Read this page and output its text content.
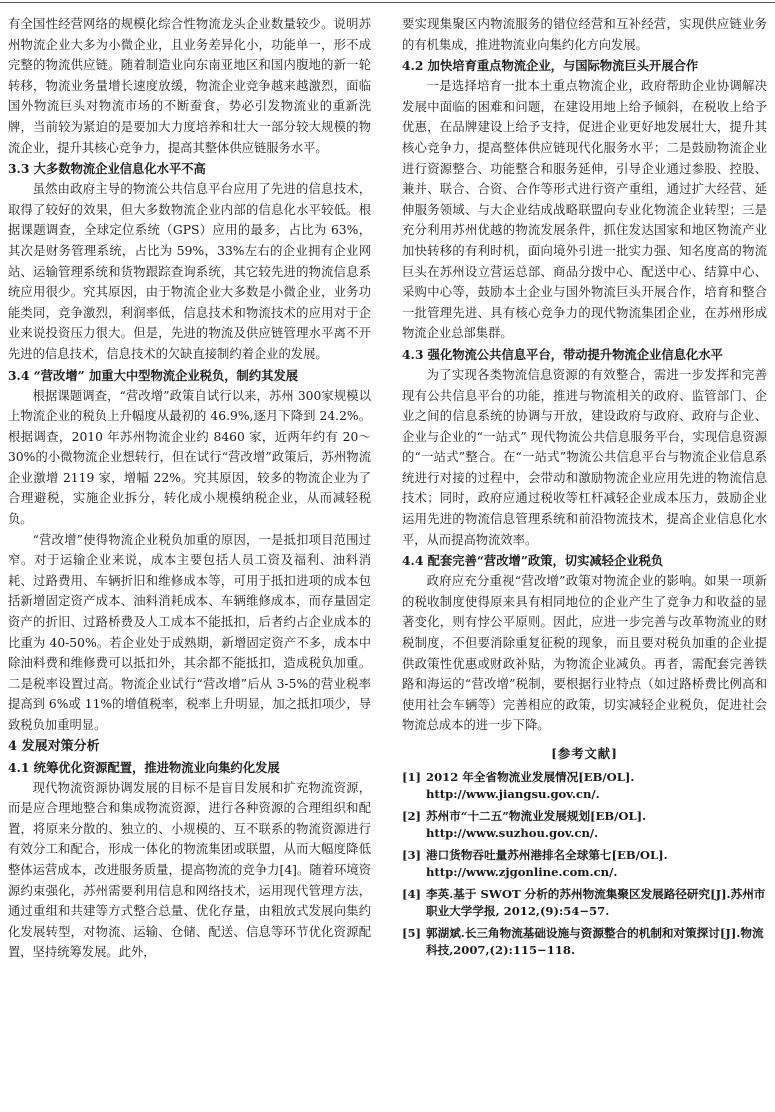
有全国性经营网络的规模化综合性物流龙头企业数量较少。说明苏州物流企业大多为小微企业，且业务差异化小，功能单一，形不成完整的物流供应链。随着制造业向东南亚地区和国内腹地的新一轮转移，物流业务量增长速度放缓，物流企业竞争越来越激烈，面临国外物流巨头对物流市场的不断蚕食，势必引发物流业的重新洗牌，当前较为紧迫的是要加大力度培养和壮大一部分较大规模的物流企业，提升其核心竞争力，提高其整体供应链服务水平。

3.3 大多数物流企业信息化水平不高

虽然由政府主导的物流公共信息平台应用了先进的信息技术，取得了较好的效果，但大多数物流企业内部的信息化水平较低。根据课题调查，全球定位系统（GPS）应用的最多，占比为 63%，其次是财务管理系统，占比为 59%，33%左右的企业拥有企业网站、运输管理系统和货物跟踪查询系统，其它较先进的物流信息系统应用很少。究其原因，由于物流企业大多数是小微企业，业务功能类同，竞争激烈，利润率低，信息技术和物流技术的应用对于企业来说投资压力很大。但是，先进的物流及供应链管理水平离不开先进的信息技术，信息技术的欠缺直接制约着企业的发展。

3.4 “营改增” 加重大中型物流企业税负，制约其发展

根据课题调查，“营改增”政策自试行以来，苏州 300家规模以上物流企业的税负上升幅度从最初的 46.9%,逐月下降到 24.2%。根据调查，2010 年苏州物流企业约 8460 家，近两年约有 20～30%的小微物流企业想转行，但在试行“营改增”政策后，苏州物流企业激增 2119 家，增幅 22%。究其原因，较多的物流企业为了合理避税，实施企业拆分，转化成小规模纳税企业，从而减轻税负。

“营改增”使得物流企业税负加重的原因，一是抵扣项目范围过窄。对于运输企业来说，成本主要包括人员工资及福利、油料消耗、过路费用、车辆折旧和维修成本等，可用于抵扣进项的成本包括新增固定资产成本、油料消耗成本、车辆维修成本，而存量固定资产的折旧、过路桥费及人工成本不能抵扣，后者约占企业成本的比重为 40-50%。若企业处于成熟期，新增固定资产不多，成本中除油料费和维修费可以抵扣外，其余都不能抵扣，造成税负加重。二是税率设置过高。物流企业试行“营改增”后从 3-5%的营业税率提高到 6%或 11%的增值税率，税率上升明显，加之抵扣项少，导致税负加重明显。

4 发展对策分析
4.1 统筹优化资源配置，推进物流业向集约化发展

现代物流资源协调发展的目标不是盲目发展和扩充物流资源，而是应合理地整合和集成物流资源，进行各种资源的合理组织和配置，将原来分散的、独立的、小规模的、互不联系的物流资源进行有效分工和配合，形成一体化的物流集团或联盟，从而大幅度降低整体运营成本，改进服务质量，提高物流的竞争力[4]。随着环境资源约束强化，苏州需要利用信息和网络技术，运用现代管理方法，通过重组和共建等方式整合总量、优化存量，由粗放式发展向集约化发展转型，对物流、运输、仓储、配送、信息等环节优化资源配置，坚持统筹发展。此外，

要实现集聚区内物流服务的错位经营和互补经营，实现供应链业务的有机集成，推进物流业向集约化方向发展。

4.2 加快培育重点物流企业，与国际物流巨头开展合作

一是选择培育一批本土重点物流企业，政府帮助企业协调解决发展中面临的困难和问题，在建设用地上给予倾斜，在税收上给予优惠，在品牌建设上给予支持，促进企业更好地发展壮大，提升其核心竞争力，提高整体供应链现代化服务水平；二是鼓励物流企业进行资源整合、功能整合和服务延伸，引导企业通过参股、控股、兼并、联合、合资、合作等形式进行资产重组，通过扩大经营、延伸服务领域、与大企业结成战略联盟向专业化物流企业转型；三是充分利用苏州优越的物流发展条件，抓住发达国家和地区物流产业加快转移的有利时机，面向境外引进一批实力强、知名度高的物流巨头在苏州设立营运总部、商品分拨中心、配送中心、结算中心、采购中心等，鼓励本土企业与国外物流巨头开展合作，培育和整合一批管理先进、具有核心竞争力的现代物流集团企业，在苏州形成物流企业总部集群。

4.3 强化物流公共信息平台，带动提升物流企业信息化水平

为了实现各类物流信息资源的有效整合，需进一步发挥和完善现有公共信息平台的功能，推进与物流相关的政府、监管部门、企业之间的信息系统的协调与开放，建设政府与政府、政府与企业、企业与企业的“一站式” 现代物流公共信息服务平台，实现信息资源的“一站式”整合。在“一站式”物流公共信息平台与物流企业信息系统进行对接的过程中，会带动和激励物流企业应用先进的物流信息技术；同时，政府应通过税收等杠杆减轻企业成本压力，鼓励企业运用先进的物流信息管理系统和前沿物流技术，提高企业信息化水平，从而提高物流效率。

4.4 配套完善“营改增”政策，切实减轻企业税负

政府应充分重视“营改增”政策对物流企业的影响。如果一项新的税收制度使得原来具有相同地位的企业产生了竞争力和收益的显著变化，则有悖公平原则。因此，应进一步完善与改革物流业的财税制度，不但要消除重复征税的现象，而且要对税负加重的企业提供政策性优惠或财政补贴，为物流企业减负。再者，需配套完善铁路和海运的“营改增”税制，要根据行业特点（如过路桥费比例高和使用社会车辆等）完善相应的政策，切实减轻企业税负，促进社会物流总成本的进一步下降。

[参考文献]
[1] 2012 年全省物流业发展情况[EB/OL]. http://www.jiangsu.gov.cn/.
[2] 苏州市“十二五”物流业发展规划[EB/OL]. http://www.suzhou.gov.cn/.
[3] 港口货物吞吐量苏州港排名全球第七[EB/OL]. http://www.zjgonline.com.cn/.
[4] 李英.基于 SWOT 分析的苏州物流集聚区发展路径研究[J].苏州市职业大学学报, 2012,(9):54−57.
[5] 郭湖斌.长三角物流基础设施与资源整合的机制和对策探讨[J].物流科技,2007,(2):115−118.
